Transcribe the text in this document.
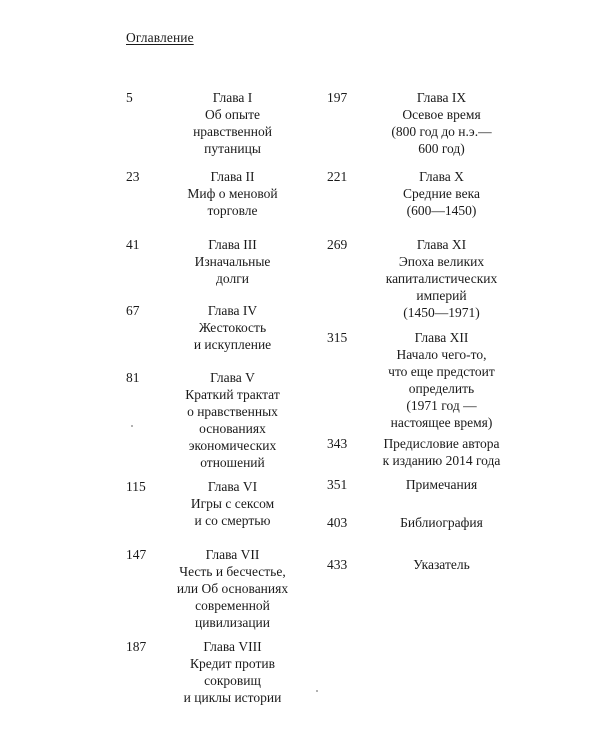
Оглавление
5	Глава I
Об опыте
нравственной
путаницы
23	Глава II
Миф о меновой
торговле
41	Глава III
Изначальные
долги
67	Глава IV
Жестокость
и искупление
81	Глава V
Краткий трактат
о нравственных
основаниях
экономических
отношений
115	Глава VI
Игры с сексом
и со смертью
147	Глава VII
Честь и бесчестье,
или Об основаниях
современной
цивилизации
187	Глава VIII
Кредит против
сокровищ
и циклы истории
197	Глава IX
Осевое время
(800 год до н.э.—
600 год)
221	Глава X
Средние века
(600—1450)
269	Глава XI
Эпоха великих
капиталистических
империй
(1450—1971)
315	Глава XII
Начало чего-то,
что еще предстоит
определить
(1971 год —
настоящее время)
343	Предисловие автора
к изданию 2014 года
351	Примечания
403	Библиография
433	Указатель
